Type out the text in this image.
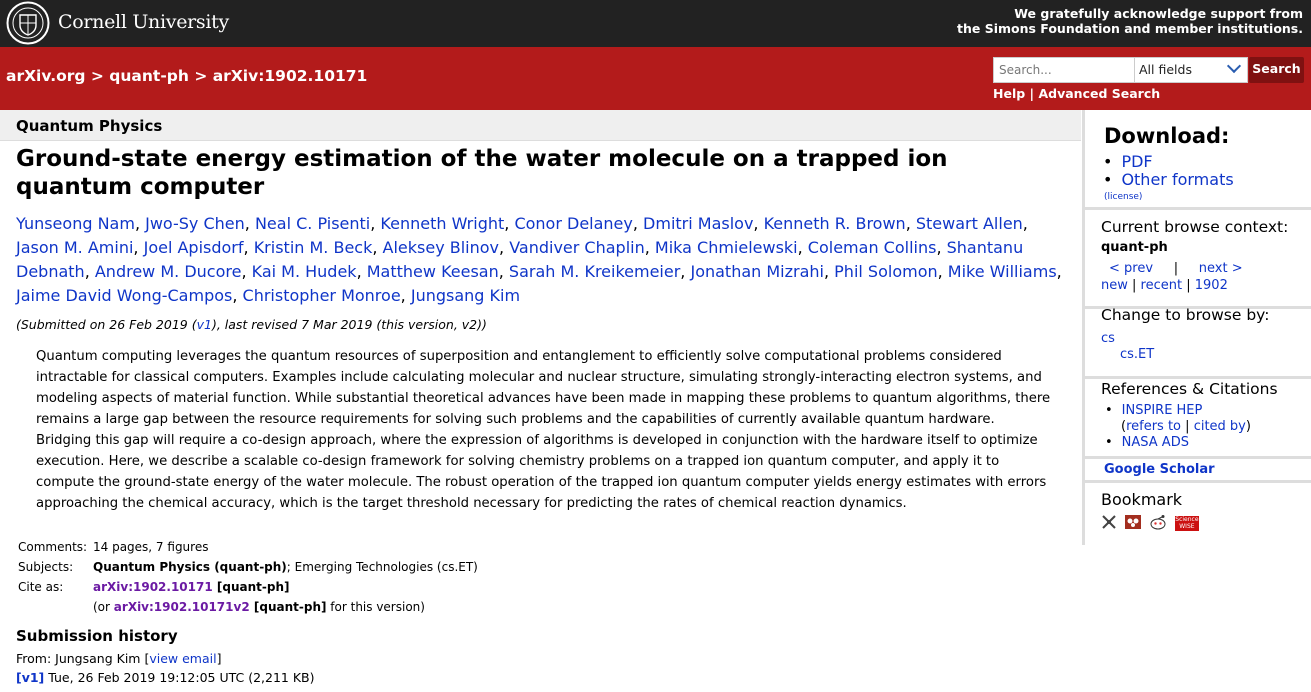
Cornell University	We gratefully acknowledge support from
the Simons Foundation and member institutions.
arXiv.org > quant-ph > arXiv:1902.10171	Search...	All fields	Search
Help | Advanced Search
Quantum Physics
Ground-state energy estimation of the water molecule on a trapped ion quantum computer
Yunseong Nam, Jwo-Sy Chen, Neal C. Pisenti, Kenneth Wright, Conor Delaney, Dmitri Maslov, Kenneth R. Brown, Stewart Allen, Jason M. Amini, Joel Apisdorf, Kristin M. Beck, Aleksey Blinov, Vandiver Chaplin, Mika Chmielewski, Coleman Collins, Shantanu Debnath, Andrew M. Ducore, Kai M. Hudek, Matthew Keesan, Sarah M. Kreikemeier, Jonathan Mizrahi, Phil Solomon, Mike Williams, Jaime David Wong-Campos, Christopher Monroe, Jungsang Kim
(Submitted on 26 Feb 2019 (v1), last revised 7 Mar 2019 (this version, v2))
Quantum computing leverages the quantum resources of superposition and entanglement to efficiently solve computational problems considered intractable for classical computers. Examples include calculating molecular and nuclear structure, simulating strongly-interacting electron systems, and modeling aspects of material function. While substantial theoretical advances have been made in mapping these problems to quantum algorithms, there remains a large gap between the resource requirements for solving such problems and the capabilities of currently available quantum hardware. Bridging this gap will require a co-design approach, where the expression of algorithms is developed in conjunction with the hardware itself to optimize execution. Here, we describe a scalable co-design framework for solving chemistry problems on a trapped ion quantum computer, and apply it to compute the ground-state energy of the water molecule. The robust operation of the trapped ion quantum computer yields energy estimates with errors approaching the chemical accuracy, which is the target threshold necessary for predicting the rates of chemical reaction dynamics.
Comments: 14 pages, 7 figures
Subjects: Quantum Physics (quant-ph); Emerging Technologies (cs.ET)
Cite as: arXiv:1902.10171 [quant-ph]
(or arXiv:1902.10171v2 [quant-ph] for this version)
Submission history
From: Jungsang Kim [view email]
[v1] Tue, 26 Feb 2019 19:12:05 UTC (2,211 KB)
Download:
• PDF
• Other formats
(license)
Current browse context:
quant-ph
< prev | next >
new | recent | 1902
Change to browse by:
cs
cs.ET
References & Citations
• INSPIRE HEP
(refers to | cited by)
• NASA ADS
Google Scholar
Bookmark
Science WISE
